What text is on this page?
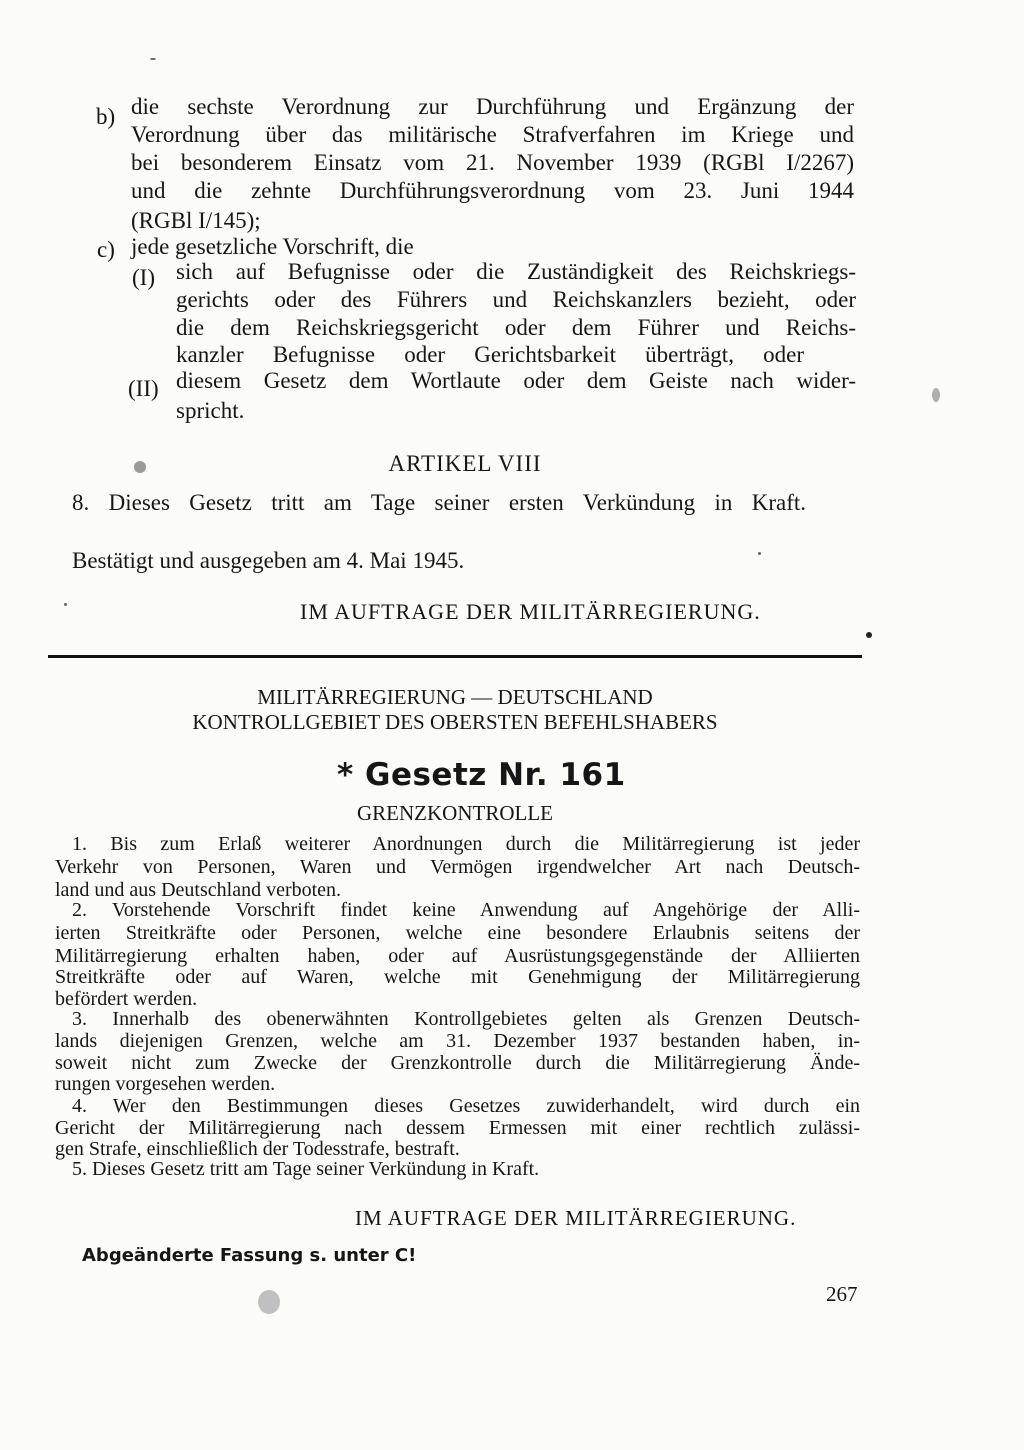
b) die sechste Verordnung zur Durchführung und Ergänzung der
Verordnung über das militärische Strafverfahren im Kriege und
bei besonderem Einsatz vom 21. November 1939 (RGBl I/2267)
und die zehnte Durchführungsverordnung vom 23. Juni 1944
(RGBl I/145);
c) jede gesetzliche Vorschrift, die
(I) sich auf Befugnisse oder die Zuständigkeit des Reichskriegs-
gerichts oder des Führers und Reichskanzlers bezieht, oder
die dem Reichskriegsgericht oder dem Führer und Reichs-
kanzler Befugnisse oder Gerichtsbarkeit überträgt, oder
(II) diesem Gesetz dem Wortlaute oder dem Geiste nach wider-
spricht.
ARTIKEL VIII
8. Dieses Gesetz tritt am Tage seiner ersten Verkündung in Kraft.
Bestätigt und ausgegeben am 4. Mai 1945.
IM AUFTRAGE DER MILITÄRREGIERUNG.
MILITÄRREGIERUNG — DEUTSCHLAND
KONTROLLGEBIET DES OBERSTEN BEFEHLSHABERS
* Gesetz Nr. 161
GRENZKONTROLLE
1. Bis zum Erlaß weiterer Anordnungen durch die Militärregierung ist jeder
Verkehr von Personen, Waren und Vermögen irgendwelcher Art nach Deutsch-
land und aus Deutschland verboten.
2. Vorstehende Vorschrift findet keine Anwendung auf Angehörige der Alli-
ierten Streitkräfte oder Personen, welche eine besondere Erlaubnis seitens der
Militärregierung erhalten haben, oder auf Ausrüstungsgegenstände der Alliierten
Streitkräfte oder auf Waren, welche mit Genehmigung der Militärregierung
befördert werden.
3. Innerhalb des obenerwähnten Kontrollgebietes gelten als Grenzen Deutsch-
lands diejenigen Grenzen, welche am 31. Dezember 1937 bestanden haben, in-
soweit nicht zum Zwecke der Grenzkontrolle durch die Militärregierung Ände-
rungen vorgesehen werden.
4. Wer den Bestimmungen dieses Gesetzes zuwiderhandelt, wird durch ein
Gericht der Militärregierung nach dessem Ermessen mit einer rechtlich zulässi-
gen Strafe, einschließlich der Todesstrafe, bestraft.
5. Dieses Gesetz tritt am Tage seiner Verkündung in Kraft.
IM AUFTRAGE DER MILITÄRREGIERUNG.
Abgeänderte Fassung s. unter C!
267
